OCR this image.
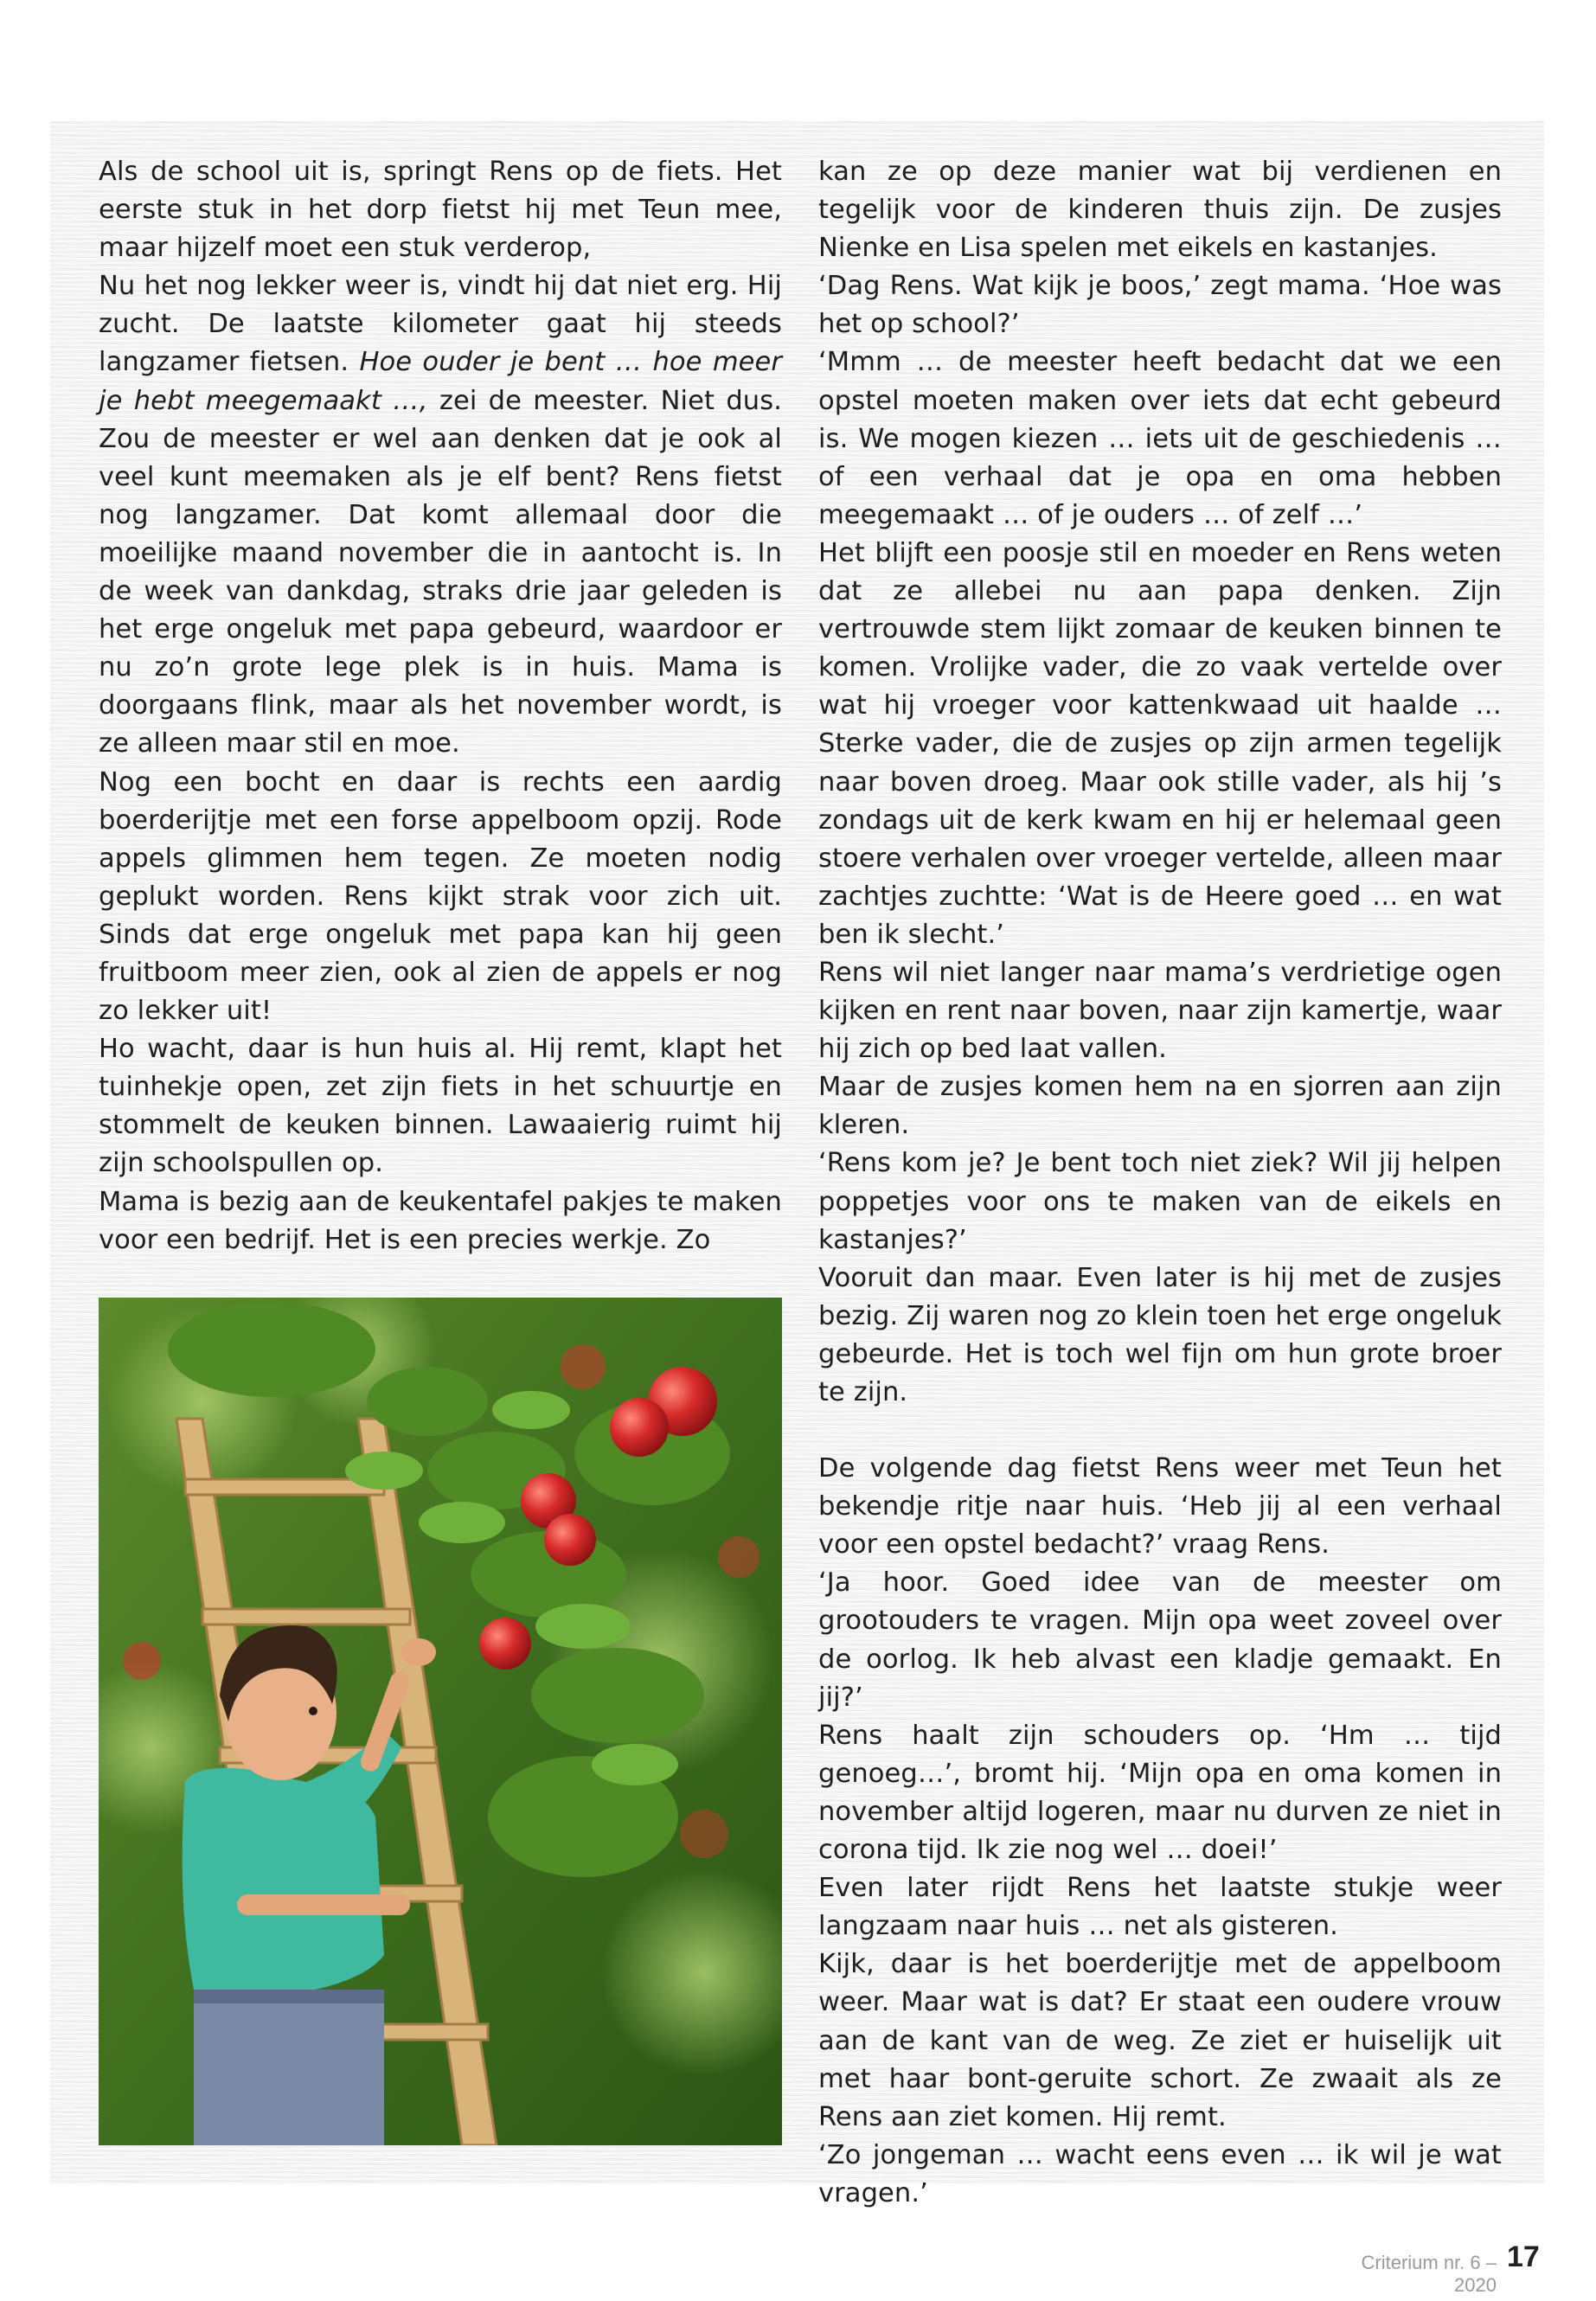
Als de school uit is, springt Rens op de fiets. Het eerste stuk in het dorp fietst hij met Teun mee, maar hijzelf moet een stuk verderop,

Nu het nog lekker weer is, vindt hij dat niet erg. Hij zucht. De laatste kilometer gaat hij steeds langzamer fietsen. Hoe ouder je bent … hoe meer je hebt meegemaakt …, zei de meester. Niet dus. Zou de meester er wel aan denken dat je ook al veel kunt meemaken als je elf bent? Rens fietst nog langzamer. Dat komt allemaal door die moeilijke maand november die in aantocht is. In de week van dankdag, straks drie jaar geleden is het erge ongeluk met papa gebeurd, waardoor er nu zo’n grote lege plek is in huis. Mama is doorgaans flink, maar als het november wordt, is ze alleen maar stil en moe.

Nog een bocht en daar is rechts een aardig boerderijtje met een forse appelboom opzij. Rode appels glimmen hem tegen. Ze moeten nodig geplukt worden. Rens kijkt strak voor zich uit. Sinds dat erge ongeluk met papa kan hij geen fruitboom meer zien, ook al zien de appels er nog zo lekker uit!

Ho wacht, daar is hun huis al. Hij remt, klapt het tuinhekje open, zet zijn fiets in het schuurtje en stommelt de keuken binnen. Lawaaierig ruimt hij zijn schoolspullen op.

Mama is bezig aan de keukentafel pakjes te maken voor een bedrijf. Het is een precies werkje. Zo

kan ze op deze manier wat bij verdienen en tegelijk voor de kinderen thuis zijn. De zusjes Nienke en Lisa spelen met eikels en kastanjes.

‘Dag Rens. Wat kijk je boos,’ zegt mama. ‘Hoe was het op school?’

‘Mmm … de meester heeft bedacht dat we een opstel moeten maken over iets dat echt gebeurd is. We mogen kiezen … iets uit de geschiedenis … of een verhaal dat je opa en oma hebben meegemaakt … of je ouders … of zelf …’

Het blijft een poosje stil en moeder en Rens weten dat ze allebei nu aan papa denken. Zijn vertrouwde stem lijkt zomaar de keuken binnen te komen. Vrolijke vader, die zo vaak vertelde over wat hij vroeger voor kattenkwaad uit haalde … Sterke vader, die de zusjes op zijn armen tegelijk naar boven droeg. Maar ook stille vader, als hij ’s zondags uit de kerk kwam en hij er helemaal geen stoere verhalen over vroeger vertelde, alleen maar zachtjes zuchtte: ‘Wat is de Heere goed … en wat ben ik slecht.’

Rens wil niet langer naar mama’s verdrietige ogen kijken en rent naar boven, naar zijn kamertje, waar hij zich op bed laat vallen.

Maar de zusjes komen hem na en sjorren aan zijn kleren.

‘Rens kom je? Je bent toch niet ziek? Wil jij helpen poppetjes voor ons te maken van de eikels en kastanjes?’

Vooruit dan maar. Even later is hij met de zusjes bezig. Zij waren nog zo klein toen het erge ongeluk gebeurde. Het is toch wel fijn om hun grote broer te zijn.

De volgende dag fietst Rens weer met Teun het bekendje ritje naar huis. ‘Heb jij al een verhaal voor een opstel bedacht?’ vraag Rens.

‘Ja hoor. Goed idee van de meester om grootouders te vragen. Mijn opa weet zoveel over de oorlog. Ik heb alvast een kladje gemaakt. En jij?’

Rens haalt zijn schouders op. ‘Hm … tijd genoeg…’, bromt hij. ‘Mijn opa en oma komen in november altijd logeren, maar nu durven ze niet in corona tijd. Ik zie nog wel … doei!’

Even later rijdt Rens het laatste stukje weer langzaam naar huis … net als gisteren.

Kijk, daar is het boerderijtje met de appelboom weer. Maar wat is dat? Er staat een oudere vrouw aan de kant van de weg. Ze ziet er huiselijk uit met haar bont-geruite schort. Ze zwaait als ze Rens aan ziet komen. Hij remt.

‘Zo jongeman … wacht eens even … ik wil je wat vragen.’

Criterium nr. 6 – 2020
17
